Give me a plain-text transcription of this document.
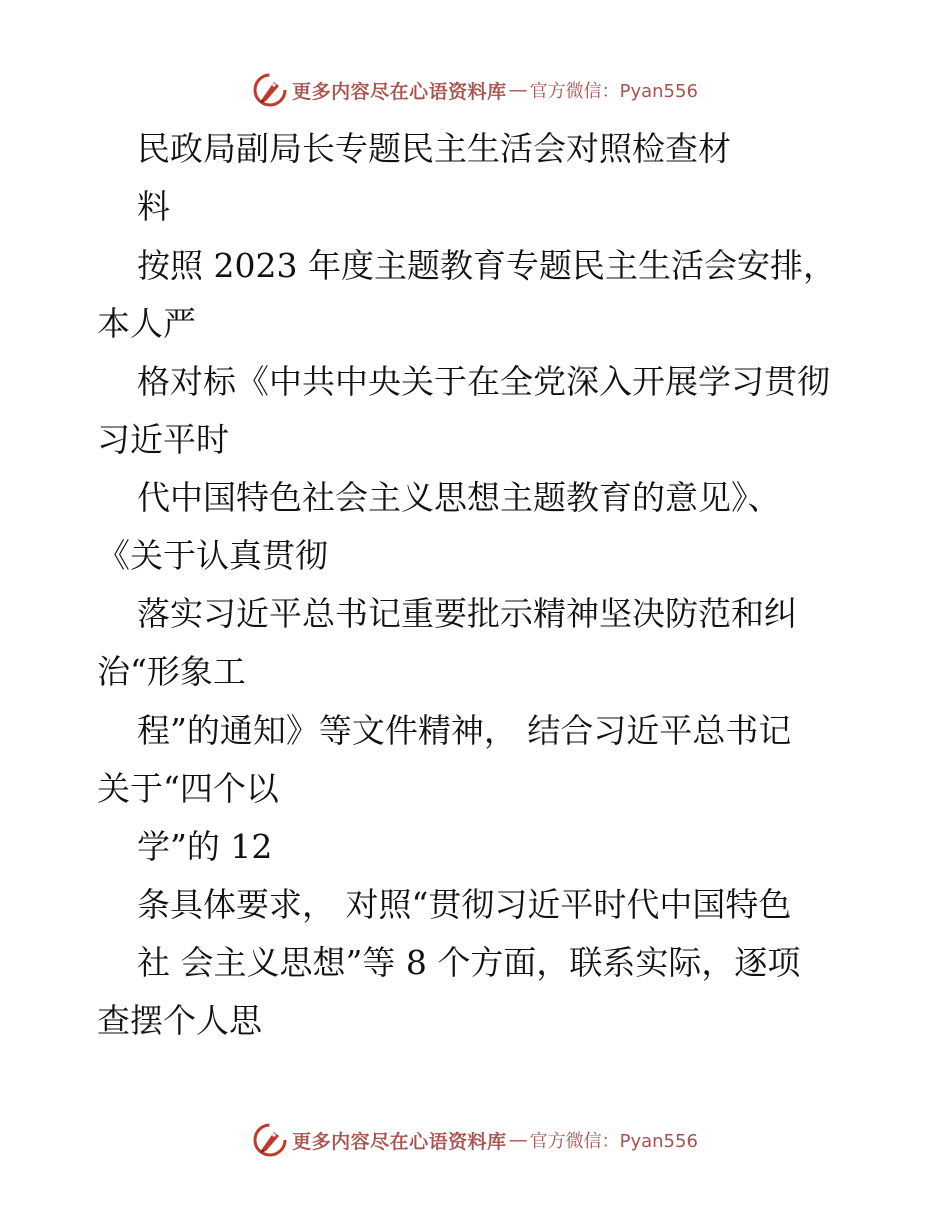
更多内容尽在心语资料库 — 官方微信：Pyan556
民政局副局长专题民主生活会对照检查材
料
按照 2023 年度主题教育专题民主生活会安排，
本人严
格对标《中共中央关于在全党深入开展学习贯彻
习近平时
代中国特色社会主义思想主题教育的意见》、
《关于认真贯彻
落实习近平总书记重要批示精神坚决防范和纠
治“形象工
程”的通知》等文件精神， 结合习近平总书记
关于“四个以
学”的 12
条具体要求， 对照“贯彻习近平时代中国特色
社 会主义思想”等 8 个方面，联系实际，逐项
查摆个人思
更多内容尽在心语资料库 — 官方微信：Pyan556
